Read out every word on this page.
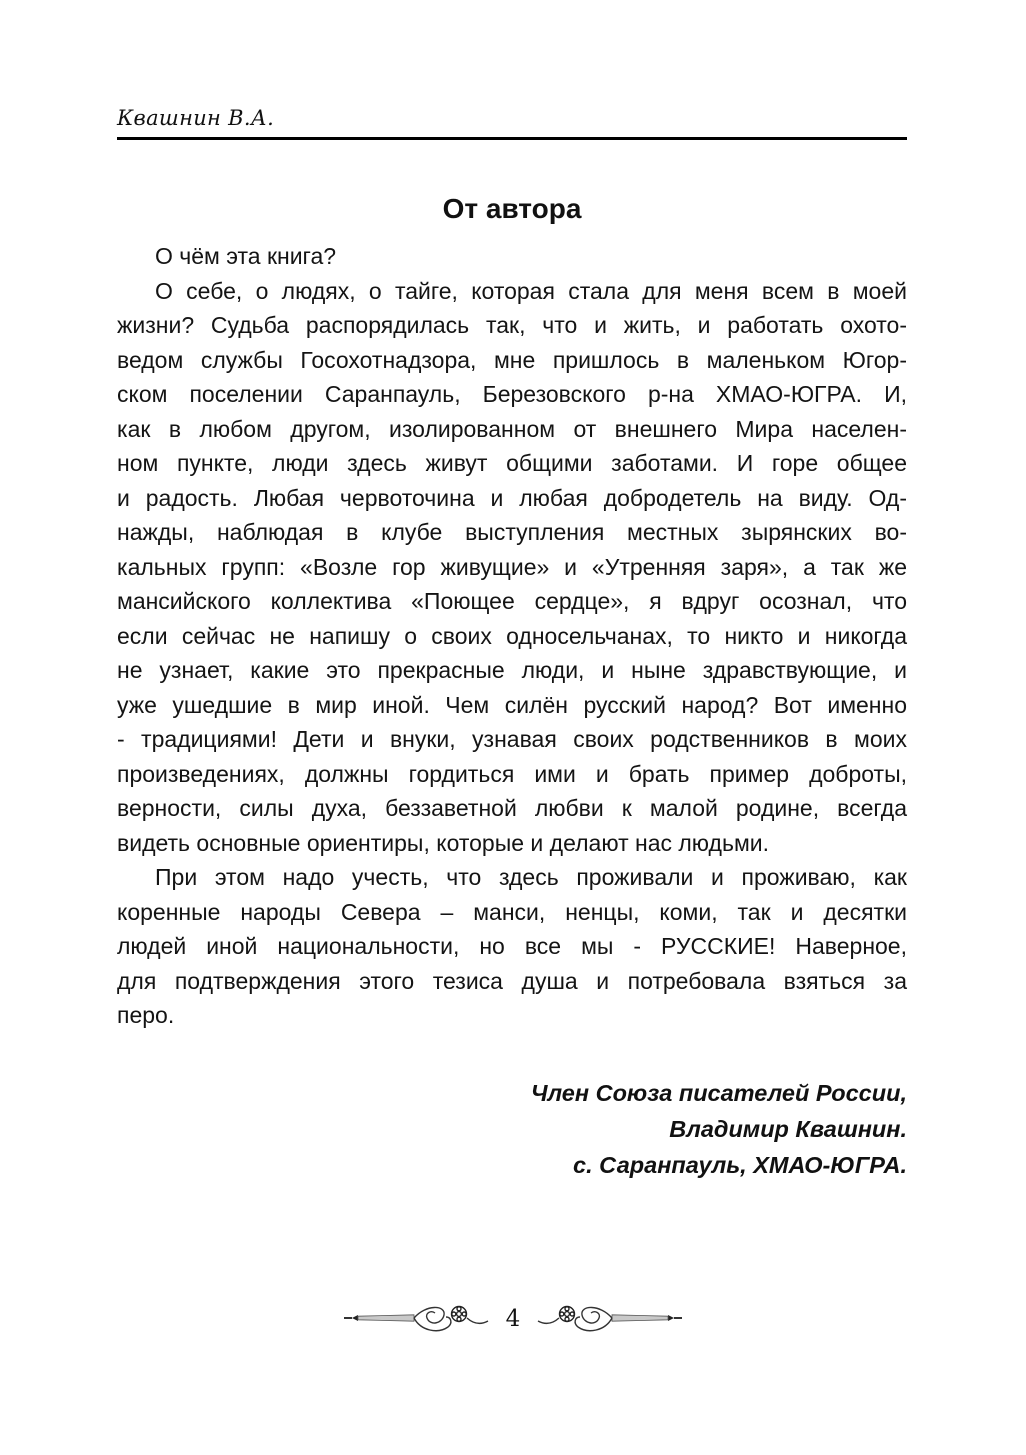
Квашнин В.А.
От автора
О чём эта книга?
О себе, о людях, о тайге, которая стала для меня всем в моей
жизни? Судьба распорядилась так, что и жить, и работать охото-
ведом службы Госохотнадзора, мне пришлось в маленьком Югор-
ском поселении Саранпауль, Березовского р-на ХМАО-ЮГРА. И,
как в любом другом, изолированном от внешнего Мира населен-
ном пункте, люди здесь живут общими заботами. И горе общее
и радость. Любая червоточина и любая добродетель на виду. Од-
нажды, наблюдая в клубе выступления местных зырянских во-
кальных групп: «Возле гор живущие» и «Утренняя заря», а так же
мансийского коллектива «Поющее сердце», я вдруг осознал, что
если сейчас не напишу о своих односельчанах, то никто и никогда
не узнает, какие это прекрасные люди, и ныне здравствующие, и
уже ушедшие в мир иной. Чем силён русский народ? Вот именно
- традициями! Дети и внуки, узнавая своих родственников в моих
произведениях, должны гордиться ими и брать пример доброты,
верности, силы духа, беззаветной любви к малой родине, всегда
видеть основные ориентиры, которые и делают нас людьми.
При этом надо учесть, что здесь проживали и проживаю, как
коренные народы Севера – манси, ненцы, коми, так и десятки
людей иной национальности, но все мы - РУССКИЕ! Наверное,
для подтверждения этого тезиса душа и потребовала взяться за
перо.
Член Союза писателей России,
Владимир Квашнин.
с. Саранпауль, ХМАО-ЮГРА.
4
